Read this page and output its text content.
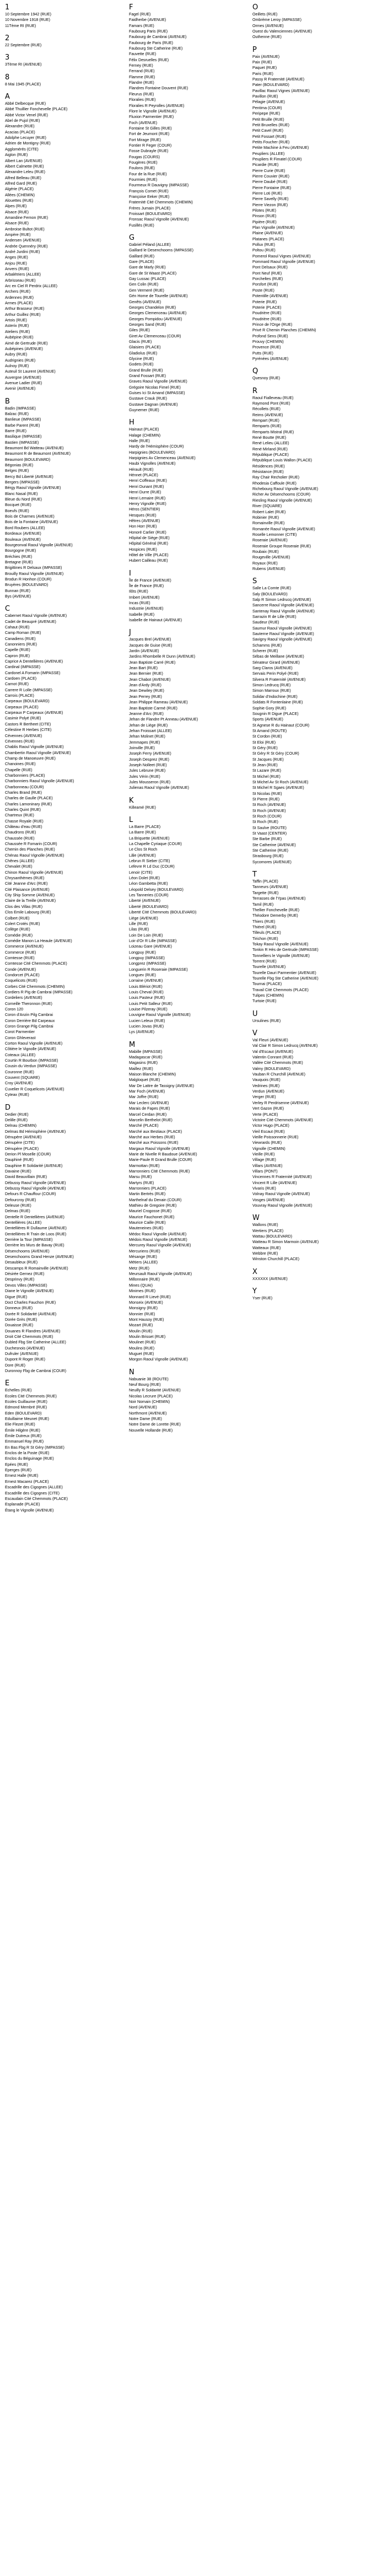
1
10 Septembre 1942 (RUE)
10 Novembre 1918 (RUE)
11Tème RI (RUE)
2
22 Septembre (RUE)
3
3Tème RI (AVENUE)
8
8 Mai 1945 (PLACE)
A
Abbé Delbecque (RUE)
Abbé Thuillier Fonchevelle (PLACE)
Abbé Victor Venel (RUE)
Abel de Pujol (RUE)
Alexandre (RUE)
Acacias (PLACE)
Adolphe Lecuyer (RUE)
Adrien de Montigny (RUE)
Agglomérés (CITE)
Aiglon (RUE)
Albert Lan (AVENUE)
Albert Calmette (RUE)
Alexandre Leleu (RUE)
Alfred Belleau (RUE)
Alfred Gard (RUE)
Algérie (PLACE)
Allées (CHEMIN)
Alouettes (RUE)
Alpes (RUE)
Alsace (RUE)
Amandine Fernon (RUE)
Alsace (RUE)
Ambroise Bultot (RUE)
Ampère (RUE)
Andersen (AVENUE)
Andrée Quennéry (RUE)
André Jurdini (RUE)
Anges (RUE)
Anjou (RUE)
Anvers (RUE)
Arbalétriers (ALLEE)
Arbrisseau (RUE)
Arc en Ciel R Perdrix (ALLEE)
Archers (RUE)
Ardennes (RUE)
Armes (PLACE)
Arthur Brasseur (RUE)
Arthur Guillez (RUE)
Artois (RUE)
Asterix (RUE)
Ateliers (RUE)
Aubépine (RUE)
Aimé de Gertrude (RUE)
Aubépines (AVENUE)
Aubry (RUE)
Audrignies (RUE)
Aulnoy (RUE)
Auteuil St Laurent (AVENUE)
Auvergne (AVENUE)
Avenue Ladier (RUE)
Avenir (AVENUE)
B
Badin (IMPASSE)
Balzac (RUE)
Banlieue (IMPASSE)
Barbe Parent (RUE)
Barre (RUE)
Basilique (IMPASSE)
Bastien (IMPASSE)
Beaumont Bd Watteau (AVENUE)
Beaumont R de Beaumont (AVENUE)
Beaumont (BOULEVARD)
Bégonias (RUE)
Belges (RUE)
Bercy Bd Liberté (AVENUE)
Bergers (IMPASSE)
Bérgy Raoul Vignolle (AVENUE)
Blanc Nasal (RUE)
Bleue du Nord (RUE)
Bocquet (RUE)
Boeufs (RUE)
Bois de Charmes (AVENUE)
Bois de la Fontaine (AVENUE)
Bord Roubers (ALLEE)
Bordeaux (AVENUE)
Bouleaux (AVENUE)
Bourgeonval Raoul Vignolle (AVENUE)
Bourgogne (RUE)
Bréchies (RUE)
Bretagne (RUE)
Brigittines R Delsaux (IMPASSE)
Brouilly Raoul Vignolle (AVENUE)
Brodun R Honhon (COUR)
Bruyères (BOULEVARD)
Bunnan (RUE)
Bys (AVENUE)
C
Cabernet Raoul Vignolle (AVENUE)
Cadet de Beaupré (AVENUE)
Cahaut (RUE)
Camp Roman (RUE)
Canadiens (RUE)
Canonniers (RUE)
Capelle (RUE)
Capron (RUE)
Caprice A Dentellières (AVENUE)
Cardinal (IMPASSE)
Cardonel A Fomarin (IMPASSE)
Cardoen (PLACE)
Carnot (RUE)
Carrere R Lolle (IMPASSE)
Carrois (PLACE)
Carpeaux (BOULEVARD)
Carpeaux (PLACE)
Carpeaux P Carpeaux (AVENUE)
Casimir Polyé (RUE)
Castors R Bertheet (CITE)
Célestine R Herbes (CITE)
Cévennes (AVENUE)
Cévennes (RUE)
Chablis Raoul Vignolle (AVENUE)
Chambertin Raoul Vignolle (AVENUE)
Champ de Manoeuvre (RUE)
Chanoines (RUE)
Chapelle (RUE)
Charbonniers (PLACE)
Charbonniers Raoul Vignolle (AVENUE)
Charbonneau (COUR)
Charles Brand (RUE)
Charles de Gaulle (PLACE)
Charles Lamoninary (RUE)
Charles Quint (RUE)
Chartreux (RUE)
Chasse Royale (RUE)
Château d'eau (RUE)
Chaudrons (RUE)
Chaussée (RUE)
Chaussée R Fomarin (COUR)
Chemin des Planches (RUE)
Chénas Raoul Vignolle (AVENUE)
Chênes (ALLEE)
Chevalet (RUE)
Chinon Raoul Vignolle (AVENUE)
Chrysanthèmes (RUE)
Cité Jeanne d'Arc (RUE)
Cité Plaisance (AVENUE)
City Ship Somme (AVENUE)
Claire de la Treille (AVENUE)
Clos des Villas (RUE)
Clos Emile Labourg (RUE)
Colbert (RUE)
Colert Crotés (RUE)
Collège (RUE)
Comédie (RUE)
Comédie Manon La Heaule (AVENUE)
Commerce (AVENUE)
Commerce (RUE)
Comtesse (RUE)
Comtesse Cité Chemmots (PLACE)
Conde (AVENUE)
Condorcet (PLACE)
Coquelicots (RUE)
Corbes Cité Chemmots (CHEMIN)
Cordiers R Pig de Cambrai (IMPASSE)
Cordeliers (AVENUE)
Corneille Theronnon (RUE)
Coron 120
Coron d'Anzin Pilg Cambrai
Coron Derrière Bd Carpeaux
Coron Grange Pilg Cambrai
Corot Parmentier
Coron Ghleverast
Corton Raoul Vignolle (AVENUE)
Côtière le Vignolle (AVENUE)
Coteaux (ALLEE)
Courtin R Bourbon (IMPASSE)
Cousin du Verdun (IMPASSE)
Couronne (RUE)
Couvent (SQUARE)
Croy (AVENUE)
Cuvelier R Coquelicots (AVENUE)
Cyteax (RUE)
D
Dedier (RUE)
Delille (RUE)
Delnau (CHEMIN)
Delmas Bd Hémisphère (AVENUE)
Dénupère (AVENUE)
Dénupère (CITE)
Dénupère (PLACE)
Derion Pl Moselle (COUR)
Dauphiné (RUE)
Dauphine R Solidarité (AVENUE)
Davaine (RUE)
David Beauvillain (RUE)
Débussy Raoul Vignolle (AVENUE)
Debussy Raoul Vignolle (AVENUE)
Defours R Chauffour (COUR)
Defourcroy (RUE)
Deleuse (RUE)
Delmas (RUE)
Dentelle R Dentellières (AVENUE)
Dentellières (ALLEE)
Dentellières R Dullaume (AVENUE)
Dentellières R Train de Loos (RUE)
Derrière la Tour (IMPASSE)
Derrière les Murs de Bavay (RUE)
Désenchooms (AVENUE)
Desenchooms Grand Henze (AVENUE)
Desaubleux (RUE)
Descamps R Romainville (AVENUE)
Désirée Gernez (RUE)
Desprinvy (RUE)
Devos Villes (IMPASSE)
Diane le Vignolle (AVENUE)
Digue (RUE)
Doct Charles Fauchon (RUE)
Donneux (RUE)
Dorée R Solidarité (AVENUE)
Dorée Grès (RUE)
Douaisse (RUE)
Douanes R Flandres (AVENUE)
Droit Cité Chemmots (RUE)
Dubled Fbg Ste Catherine (ALLEE)
Duchesnois (AVENUE)
Dufruler (AVENUE)
Dupont R Roger (RUE)
Dore (RUE)
Duronnoy Fbg de Cambrai (COUR)
E
Echelles (RUE)
Ecoles Cité Chemmots (RUE)
Ecoles Guillaume (RUE)
Edmond Membré (RUE)
Eden (BOULEVARD)
Eduillaime Meunet (RUE)
Elie Flezet (RUE)
Émile Hilgère (RUE)
Émile Dutreux (RUE)
Emmanuel Ray (RUE)
En Bas Fbg R St Géry (IMPASSE)
Enclos de la Poste (RUE)
Enclos du Béguinage (RUE)
Epées (RUE)
Eperges (RUE)
Ernest Halle (RUE)
Ernest Macarez (PLACE)
Escadrille des Cigognes (ALLEE)
Escadrille des Cigognes (CITE)
Escaudain Cité Chemmots (PLACE)
Esplanade (PLACE)
Étang le Vignolle (AVENUE)
F
Fagel (RUE)
Faidherbe (AVENUE)
Famars (RUE)
Faubourg Paris (RUE)
Faubourg de Cambrai (AVENUE)
Faubourg de Paris (RUE)
Faubourg Ste Catherine (RUE)
Fauvette (RUE)
Félix Desruelles (RUE)
Ferney (RUE)
Ferrand (RUE)
Flamme (RUE)
Flandre (RUE)
Flandres Fontaine Douvent (RUE)
Fleurus (RUE)
Floralies (RUE)
Floralies R Peyrolles (AVENUE)
Flore le Vignolle (AVENUE)
Fluxion Parmentier (RUE)
Foch (AVENUE)
Fontaine St Gilles (RUE)
Fort de Jeumont (RUE)
Fort Mirage (RUE)
Fontier R Feger (COUR)
Fosse Dubrayle (RUE)
Fougas (COURS)
Fougères (RUE)
Foulons (RUE)
Four de la Rue (RUE)
Fourmies (RUE)
Fourmeux R Dauvigny (IMPASSE)
François Comet (RUE)
Françoise Eeker (RUE)
Fraternité Cité Chemmots (CHEMIN)
Frères Jumain (PLACE)
Froissart (BOULEVARD)
Fronsac Raoul Vignolle (AVENUE)
Fusillés (RUE)
G
Gabriel Péland (ALLEE)
Gaillard le Desenchooms (IMPASSE)
Gaillard (RUE)
Gare (PLACE)
Gare de Marly (RUE)
Gare de St Waast (PLACE)
Gay Lussac (PLACE)
Gen Colin (RUE)
Gen Vermeré (RUE)
Gén Horne de Tourelle (AVENUE)
Genêts (AVENUE)
Georges Chandelon (RUE)
Georges Clemenceau (AVENUE)
Georges Pompidou (AVENUE)
Georges Sand (RUE)
Giles (RUE)
Giret Av Clemenceau (COUR)
Glacis (RUE)
Glaisiers (PLACE)
Gladiolus (RUE)
Glycine (RUE)
Godets (RUE)
Grand Brulle (RUE)
Grand Fossart (RUE)
Graves Raoul Vignolle (AVENUE)
Grégoire Nicolas Fimel (RUE)
Guises Ici St Amand (IMPASSE)
Gustave Crauk (RUE)
Gustave Dagnan (AVENUE)
Guynemer (RUE)
H
Hainaut (PLACE)
Halage (CHEMIN)
Halle (RUE)
Hardy de l'Hémisphère (COUR)
Harpignies (BOULEVARD)
Harpignies Av Clemenceau (AVENUE)
Haubi Vignolles (AVENUE)
Hérault (RUE)
Hénnet (PLACE)
Henri Coffeaux (RUE)
Henri Dunant (RUE)
Henri Durre (RUE)
Henri Lemaire (RUE)
Henry Vignolle (RUE)
Héros (SENTIER)
Hesques (RUE)
Hêtres (AVENUE)
Hon Horr (RUE)
Honoré Carlier (RUE)
Hôpital de Siège (RUE)
Hôpital Général (RUE)
Hospices (RUE)
Hôtel de Ville (PLACE)
Hubert Cailleau (RUE)
I
Île de France (AVENUE)
Île de France (RUE)
Ilôts (RUE)
Imbert (AVENUE)
Incas (RUE)
Industrie (AVENUE)
Isabelle (RUE)
Isabelle de Hainaut (AVENUE)
J
Jacques Brel (AVENUE)
Jacques de Guise (RUE)
Jardin (AVENUE)
Jardins Rhombelle R Dunn (AVENUE)
Jean Baptiste Carré (RUE)
Jean Bart (RUE)
Jean Bernier (RUE)
Jean Chabot (AVENUE)
Jean d'Ardy (RUE)
Jean Dewiley (RUE)
Jean Perrey (RUE)
Jean Philippe Rameau (AVENUE)
Jean Baptiste Carmé (RUE)
Jeanne d'Arc (RUE)
Jehan de Flandre Pt Anneau (AVENUE)
Jehan de Liège (RUE)
Jehan Froissart (ALLEE)
Jehan Molinet (RUE)
Jemmapes (RUE)
Joinville (RUE)
Joseph Ferry (AVENUE)
Joseph Desprez (RUE)
Joseph Nolleet (RUE)
Jules Lebrune (RUE)
Jules Vérin (RUE)
Jules Mousseron (RUE)
Julienas Raoul Vignolle (AVENUE)
K
Killeamé (RUE)
L
La Barre (PLACE)
La Barre (RUE)
La Briquette (AVENUE)
La Chapelle Cyriaque (COUR)
Le Clos St Roch
Lâle (AVENUE)
Lebrun R Sieber (CITE)
Lefevre R Ld Duc (COUR)
Lenoir (CITE)
Léon Dolet (RUE)
Léon Gambetta (RUE)
Léopold Delsey (BOULEVARD)
Les Tanneries (COUR)
Liberté (AVENUE)
Liberté (BOULEVARD)
Liberté Cité Chemmots (BOULEVARD)
Liège (AVENUE)
Lille (RUE)
Lilas (RUE)
Loin De Loin (RUE)
Loir d'Or R Lille (IMPASSE)
Loizeau Gare (AVENUE)
Longpuy (RUE)
Longpuy (IMPASSE)
Longprez (IMPASSE)
Longuerin R Roseraie (IMPASSE)
Longuev (RUE)
Lorraine (AVENUE)
Louis Blériot (RUE)
Louis Cheval (RUE)
Louis Pasteur (RUE)
Louis Petit Salleur (RUE)
Louise Pilzeray (RUE)
Louvigne Raoul Vignolle (AVENUE)
Lucien Leleux (RUE)
Lucien Jovas (RUE)
Lys (AVENUE)
M
Mabille (IMPASSE)
Madagascar (RUE)
Magasins (RUE)
Maillez (RUE)
Maison Blanche (CHEMIN)
Malgloquet (RUE)
Mar De Lattre de Tassigny (AVENUE)
Mar Foch (AVENUE)
Mar Joffre (RUE)
Mar Leclerc (AVENUE)
Marais de Fapes (RUE)
Marcel Cerdan (RUE)
Marcelin Berthelot (RUE)
Marché (PLACE)
Marché aux Bestiaux (PLACE)
Marché aux Herbes (RUE)
Marché aux Poissons (RUE)
Margaux Raoul Vignolle (AVENUE)
Marie de Nivelle R Baudoue (AVENUE)
Marie-Paule R Grand Brulle (COUR)
Marmottan (RUE)
Marronniers Cité Chemmots (RUE)
Marsu (RUE)
Martyrs (RUE)
Marronniers (PLACE)
Martin Bertrès (RUE)
Marthelnaf du Denain (COUR)
Mathieu de Gregoire (RUE)
Mauriel Crogosse (RUE)
Maurice Fauchonet (RUE)
Maurice Caille (RUE)
Mauteneines (RUE)
Médoc Raoul Vignolle (AVENUE)
Médois Raoul Vignolle (AVENUE)
Mercurey Raoul Vignolle (AVENUE)
Mercuriens (RUE)
Mésange (RUE)
Métiers (ALLEE)
Metz (RUE)
Meursault Raoul Vignolle (AVENUE)
Millonnaire (RUE)
Mines (QUAI)
Minimes (RUE)
Monnard R Lievé (RUE)
Monseix (AVENUE)
Monsigny (RUE)
Monnier (RUE)
Mont Hausoy (RUE)
Mozart (RUE)
Moulin (RUE)
Moulin Brisset (RUE)
Moulinet (RUE)
Moulins (RUE)
Muguet (RUE)
Morgon Raoul Vignolle (AVENUE)
N
Nabuanie 38 (ROUTE)
Neuf Bourg (RUE)
Neuilly R Soldarité (AVENUE)
Nicolas Lecrure (PLACE)
Noir Nomain (CHEMIN)
Nord (AVENUE)
Northmont (AVENUE)
Notre Dame (RUE)
Notre Dame de Lorette (RUE)
Nouvelle Hollande (RUE)
O
Oeillets (RUE)
Ombrème Leroy (IMPASSE)
Ormes (AVENUE)
Ouest du Valenciennes (AVENUE)
Outhenne (RUE)
P
Paix (AVENUE)
Paix (RUE)
Paquet (RUE)
Paris (RUE)
Passy R Fraternité (AVENUE)
Pater (BOULEVARD)
Pavillac Raoul Vignes (AVENUE)
Pavillon (RUE)
Pélagie (AVENUE)
Pentima (COUR)
Peripepe (RUE)
Petit Bruille (RUE)
Petit Bruxelles (RUE)
Petit Cavel (RUE)
Petit Fossart (RUE)
Petits Foucher (RUE)
Petite Machine à Feu (AVENUE)
Peupliers (ALLEE)
Peupliers R Fimatel (COUR)
Picardie (RUE)
Pierre Curie (RUE)
Pierre Couvier (RUE)
Pierre Daubé (RUE)
Pierre Fontaine (RUE)
Pierre Loti (RUE)
Pierre Savelly (RUE)
Pierre Viezon (RUE)
Pilotes (RUE)
Pinson (RUE)
Pipière (RUE)
Plan Vignolle (AVENUE)
Plaine (AVENUE)
Platanes (PLACE)
Pollux (RUE)
Poltou (RUE)
Pomerol Raoul Vignes (AVENUE)
Pommard Raoul Vignolle (AVENUE)
Pont Delsaux (RUE)
Pont Neuf (RUE)
Porcheltes (RUE)
Porsfort (RUE)
Poste (RUE)
Potentille (AVENUE)
Poterie (RUE)
Poterie (PLACE)
Poudrière (RUE)
Poudrière (RUE)
Prince de l'Orge (RUE)
Privé R Chemin Planches (CHEMIN)
Profond Sens (RUE)
Prouvy (CHEMIN)
Provence (RUE)
Putts (RUE)
Pyrénées (AVENUE)
Q
Quesnoy (RUE)
R
Raoul Fialleveau (RUE)
Raymond Pont (RUE)
Récollets (RUE)
Reims (AVENUE)
Rempart (RUE)
Remparts (RUE)
Remparts Mistral (RUE)
René Boutte (RUE)
René Lelieu (ALLEE)
René Mirland (RUE)
République (PLACE)
République Louis Wallon (PLACE)
Résidences (RUE)
Résistance (RUE)
Ray Chair Recholier (RUE)
Rhodesia Caffoule (RUE)
Richebourg Raoul Vignolle (AVENUE)
Richer Av Désenchooms (COUR)
Riesling Raoul Vignolle (AVENUE)
River (SQUARE)
Robert Lalet (RUE)
Robinier (RUE)
Romainville (RUE)
Romanée Raoul Vignolle (AVENUE)
Roselle Lemonner (CITE)
Roseraie (AVENUE)
Roseraie Groupe Roseraie (RUE)
Roubaix (RUE)
Rougeville (AVENUE)
Royaux (RUE)
Rubens (AVENUE)
S
Salle La Comte (RUE)
Saly (BOULEVARD)
Salp R Simon Ledrucq (AVENUE)
Sancerre Raoul Vignolle (AVENUE)
Santenay Raoul Vignolle (AVENUE)
Sarrazin R de Lille (RUE)
Saudeur (RUE)
Saumur Raoul Vignolle (AVENUE)
Sauterne Raoul Vignolle (AVENUE)
Savigny Raoul Vignolle (AVENUE)
Schamms (RUE)
Scherer (RUE)
Sébas de Meillane (AVENUE)
Sénateur Girard (AVENUE)
Sarg Claros (AVENUE)
Servais Perin Polyé (RUE)
Silvera R Fraternité (AVENUE)
Simon Ledrucq (RUE)
Simon Marroux (RUE)
Solidar d'Indochine (RUE)
Soldats R Fontenlaine (RUE)
Sophie Gory (RUE)
Sougnin R Digue (PLACE)
Sports (AVENUE)
St Agnese R du Hainaut (COUR)
St Amand (ROUTE)
St Cordon (RUE)
St Eloi (RUE)
St Géry (RUE)
St Géry R St Géry (COUR)
St Jacques (RUE)
St Jean (RUE)
St Lazare (RUE)
St Michel (RUE)
St Michel Av St Roch (AVENUE)
St Michel R Sgaes (AVENUE)
St Nicolas (RUE)
St Pierre (RUE)
St Roch (AVENUE)
St Roch (AVENUE)
St Roch (COUR)
St Roch (RUE)
St Saulve (ROUTE)
St Vaast (CENTER)
Ste Barbe (RUE)
Ste Catherine (AVENUE)
Ste Catherine (RUE)
Strasbourg (RUE)
Sycomores (AVENUE)
T
Taffin (PLACE)
Tanneurs (AVENUE)
Targette (RUE)
Terrasses de l'Ypas (AVENUE)
Tamil (RUE)
Thellier Fonchevelle (RUE)
Théodore Demerby (RUE)
Thiers (RUE)
Thiérel (RUE)
Tilleuls (PLACE)
Tirichon (RUE)
Tokay Raoul Vignolle (AVENUE)
Tonkin R Hès de Gertrude (IMPASSE)
Tonnelliers le Vignolle (AVENUE)
Torrent (RUE)
Tourelle (AVENUE)
Tourelle Dauri Parmentier (AVENUE)
Tourelle Fbg Ste Catherine (AVENUE)
Tournai (PLACE)
Travail Cité Chemmots (PLACE)
Tulipes (CHEMIN)
Turtoie (RUE)
U
Ursulines (RUE)
V
Val Fleuri (AVENUE)
Val Clair R Simon Ledrucq (AVENUE)
Val d'Escaut (AVENUE)
Valentin Conrant (RUE)
Vallée Cité Chemmots (RUE)
Valmy (BOULEVARD)
Vauban R Churchill (AVENUE)
Vauquois (RUE)
Vedrines (RUE)
Verdun (AVENUE)
Verger (RUE)
Verley R Perdrisenne (AVENUE)
Vert Gazon (RUE)
Verte (PLACE)
Victoire Cité Chemmots (AVENUE)
Victor Hugo (PLACE)
Vieil Escaut (RUE)
Vieille Poissonnerie (RUE)
Viewrards (RUE)
Vignolle (CHEMIN)
Vieille (RUE)
Village (RUE)
Villars (AVENUE)
Villars (PONT)
Vincennes R Fraternité (AVENUE)
Vincent R Lille (AVENUE)
Vivaris (RUE)
Volnay Raoul Vignolle (AVENUE)
Vosges (AVENUE)
Vouvray Raoul Vignolle (AVENUE)
W
Wallons (RUE)
Wertiers (PLACE)
Wattau (BOULEVARD)
Watteau R Simon Marmoin (AVENUE)
Watteaux (RUE)
Webbre (RUE)
Winston Churchill (PLACE)
X
XXXXXX (AVENUE)
Y
Yser (RUE)
